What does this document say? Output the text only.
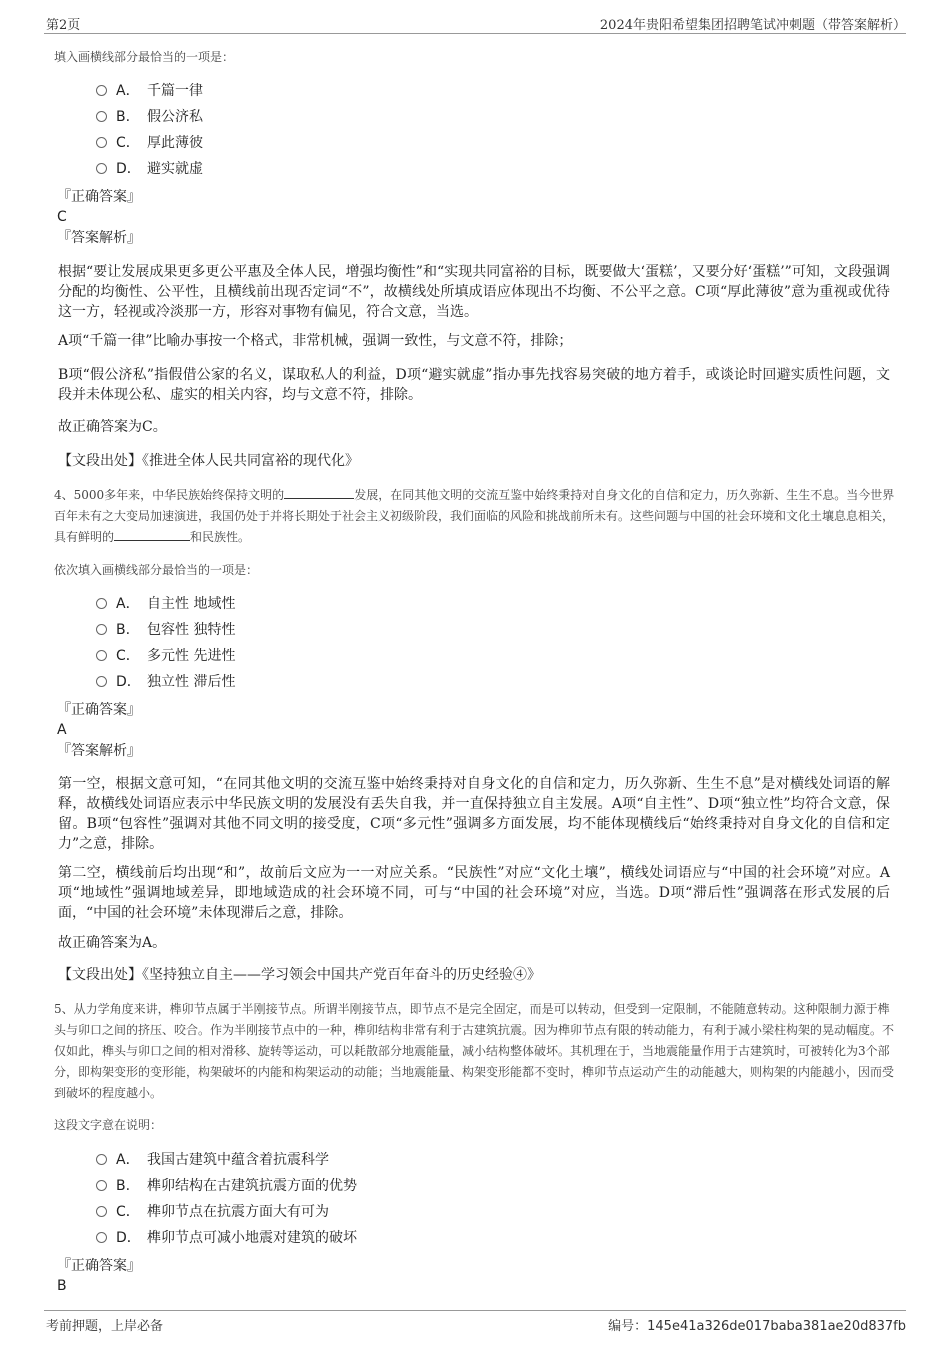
第2页	2024年贵阳希望集团招聘笔试冲刺题（带答案解析）
填入画横线部分最恰当的一项是：
A． 千篇一律
B. 假公济私
C． 厚此薄彼
D． 避实就虚
『正确答案』
C
『答案解析』
根据“要让发展成果更多更公平惠及全体人民，增强均衡性”和“实现共同富裕的目标，既要做大‘蛋糕’，又要分好‘蛋糕’”可知，文段强调分配的均衡性、公平性，且横线前出现否定词“不”，故横线处所填成语应体现出不均衡、不公平之意。C项“厚此薄彼”意为重视或优待这一方，轻视或冷淡那一方，形容对事物有偏见，符合文意，当选。
A项“千篇一律”比喻办事按一个格式，非常机械，强调一致性，与文意不符，排除；
B项“假公济私”指假借公家的名义，谋取私人的利益，D项“避实就虚”指办事先找容易突破的地方着手，或谈论时回避实质性问题，文段并未体现公私、虚实的相关内容，均与文意不符，排除。
故正确答案为C。
【文段出处】《推进全体人民共同富裕的现代化》
4、5000多年来，中华民族始终保持文明的	发展，在同其他文明的交流互鉴中始终秉持对自身文化的自信和定力，历久弥新、生生不息。当今世界百年未有之大变局加速演进，我国仍处于并将长期处于社会主义初级阶段，我们面临的风险和挑战前所未有。这些问题与中国的社会环境和文化土壤息息相关，具有鲜明的	和民族性。
依次填入画横线部分最恰当的一项是：
A． 自主性 地域性
B. 包容性 独特性
C． 多元性 先进性
D． 独立性 滞后性
『正确答案』
A
『答案解析』
第一空，根据文意可知，“在同其他文明的交流互鉴中始终秉持对自身文化的自信和定力，历久弥新、生生不息”是对横线处词语的解释，故横线处词语应表示中华民族文明的发展没有丢失自我，并一直保持独立自主发展。A项“自主性”、D项“独立性”均符合文意，保留。B项“包容性”强调对其他不同文明的接受度，C项“多元性”强调多方面发展，均不能体现横线后“始终秉持对自身文化的自信和定力”之意，排除。
第二空，横线前后均出现“和”，故前后文应为一一对应关系。“民族性”对应“文化土壤”，横线处词语应与“中国的社会环境”对应。A项“地域性”强调地域差异，即地域造成的社会环境不同，可与“中国的社会环境”对应，当选。D项“滞后性”强调落在形式发展的后面，“中国的社会环境”未体现滞后之意，排除。
故正确答案为A。
【文段出处】《坚持独立自主——学习领会中国共产党百年奋斗的历史经验④》
5、从力学角度来讲，榫卯节点属于半刚接节点。所谓半刚接节点，即节点不是完全固定，而是可以转动，但受到一定限制，不能随意转动。这种限制力源于榫头与卯口之间的挤压、咬合。作为半刚接节点中的一种，榫卯结构非常有利于古建筑抗震。因为榫卯节点有限的转动能力，有利于减小梁柱构架的晃动幅度。不仅如此，榫头与卯口之间的相对滑移、旋转等运动，可以耗散部分地震能量，减小结构整体破坏。其机理在于，当地震能量作用于古建筑时，可被转化为3个部分，即构架变形的变形能，构架破坏的内能和构架运动的动能；当地震能量、构架变形能都不变时，榫卯节点运动产生的动能越大，则构架的内能越小，因而受到破坏的程度越小。
这段文字意在说明：
A． 我国古建筑中蕴含着抗震科学
B. 榫卯结构在古建筑抗震方面的优势
C． 榫卯节点在抗震方面大有可为
D． 榫卯节点可减小地震对建筑的破坏
『正确答案』
B
考前押题，上岸必备	编号：145e41a326de017baba381ae20d837fb
